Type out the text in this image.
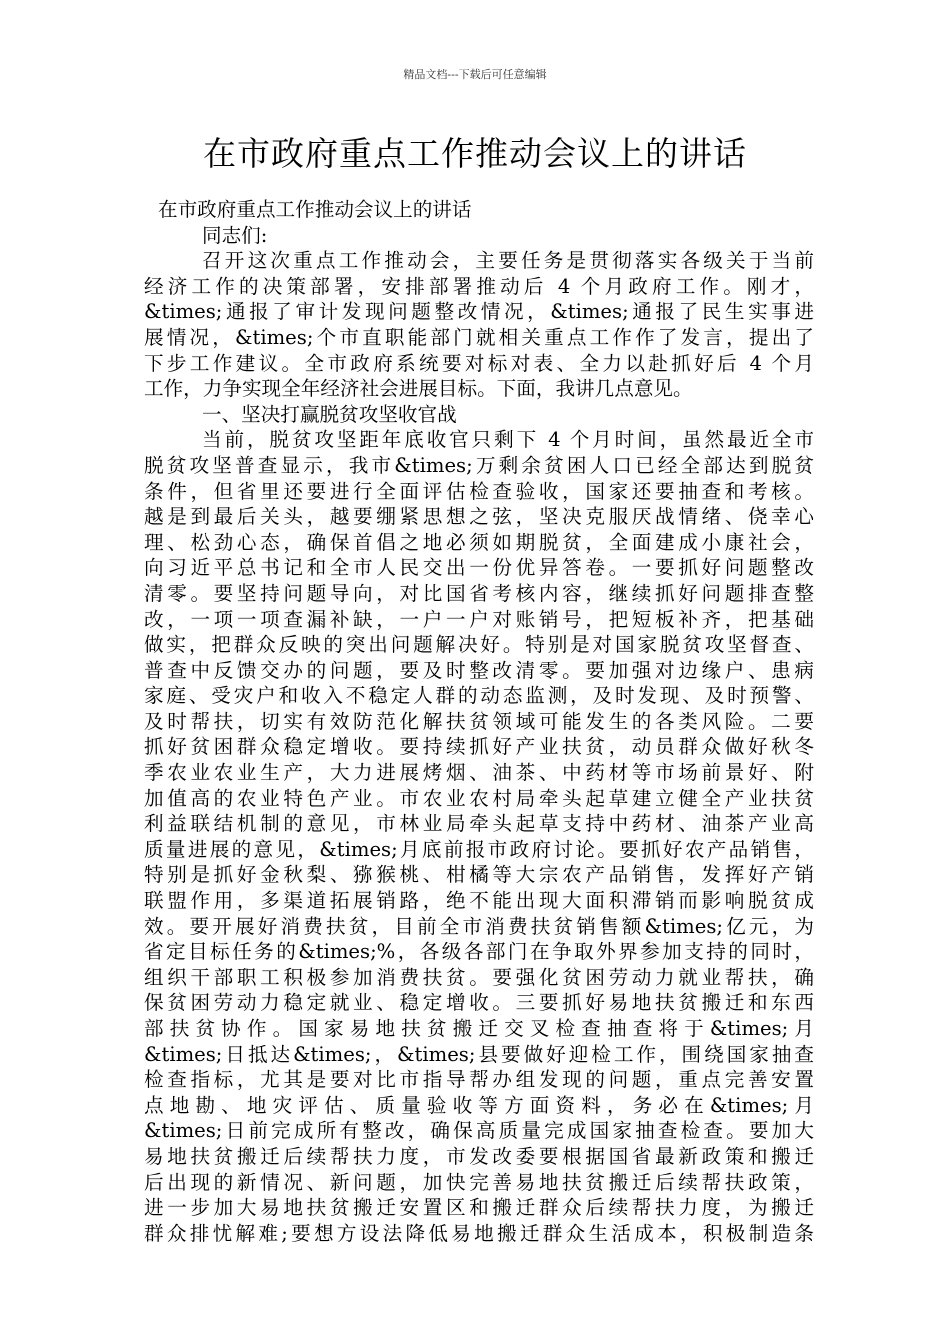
精品文档---下载后可任意编辑
在市政府重点工作推动会议上的讲话
在市政府重点工作推动会议上的讲话
同志们:
召开这次重点工作推动会，主要任务是贯彻落实各级关于当前
经济工作的决策部署，安排部署推动后 4 个月政府工作。刚才，
&times;通报了审计发现问题整改情况，&times;通报了民生实事进
展情况，&times;个市直职能部门就相关重点工作作了发言，提出了
下步工作建议。全市政府系统要对标对表、全力以赴抓好后 4 个月
工作，力争实现全年经济社会进展目标。下面，我讲几点意见。
一、坚决打赢脱贫攻坚收官战
当前，脱贫攻坚距年底收官只剩下 4 个月时间，虽然最近全市
脱贫攻坚普查显示，我市&times;万剩余贫困人口已经全部达到脱贫
条件，但省里还要进行全面评估检查验收，国家还要抽查和考核。
越是到最后关头，越要绷紧思想之弦，坚决克服厌战情绪、侥幸心
理、松劲心态，确保首倡之地必须如期脱贫，全面建成小康社会，
向习近平总书记和全市人民交出一份优异答卷。一要抓好问题整改
清零。要坚持问题导向，对比国省考核内容，继续抓好问题排查整
改，一项一项查漏补缺，一户一户对账销号，把短板补齐，把基础
做实，把群众反映的突出问题解决好。特别是对国家脱贫攻坚督查、
普查中反馈交办的问题，要及时整改清零。要加强对边缘户、患病
家庭、受灾户和收入不稳定人群的动态监测，及时发现、及时预警、
及时帮扶，切实有效防范化解扶贫领域可能发生的各类风险。二要
抓好贫困群众稳定增收。要持续抓好产业扶贫，动员群众做好秋冬
季农业农业生产，大力进展烤烟、油茶、中药材等市场前景好、附
加值高的农业特色产业。市农业农村局牵头起草建立健全产业扶贫
利益联结机制的意见，市林业局牵头起草支持中药材、油茶产业高
质量进展的意见，&times;月底前报市政府讨论。要抓好农产品销售，
特别是抓好金秋梨、猕猴桃、柑橘等大宗农产品销售，发挥好产销
联盟作用，多渠道拓展销路，绝不能出现大面积滞销而影响脱贫成
效。要开展好消费扶贫，目前全市消费扶贫销售额&times;亿元，为
省定目标任务的&times;%，各级各部门在争取外界参加支持的同时，
组织干部职工积极参加消费扶贫。要强化贫困劳动力就业帮扶，确
保贫困劳动力稳定就业、稳定增收。三要抓好易地扶贫搬迁和东西
部扶贫协作。国家易地扶贫搬迁交叉检查抽查将于&times;月
&times;日抵达&times;，&times;县要做好迎检工作，围绕国家抽查
检查指标，尤其是要对比市指导帮办组发现的问题，重点完善安置
点地勘、地灾评估、质量验收等方面资料，务必在&times;月
&times;日前完成所有整改，确保高质量完成国家抽查检查。要加大
易地扶贫搬迁后续帮扶力度，市发改委要根据国省最新政策和搬迁
后出现的新情况、新问题，加快完善易地扶贫搬迁后续帮扶政策，
进一步加大易地扶贫搬迁安置区和搬迁群众后续帮扶力度，为搬迁
群众排忧解难;要想方设法降低易地搬迁群众生活成本，积极制造条
